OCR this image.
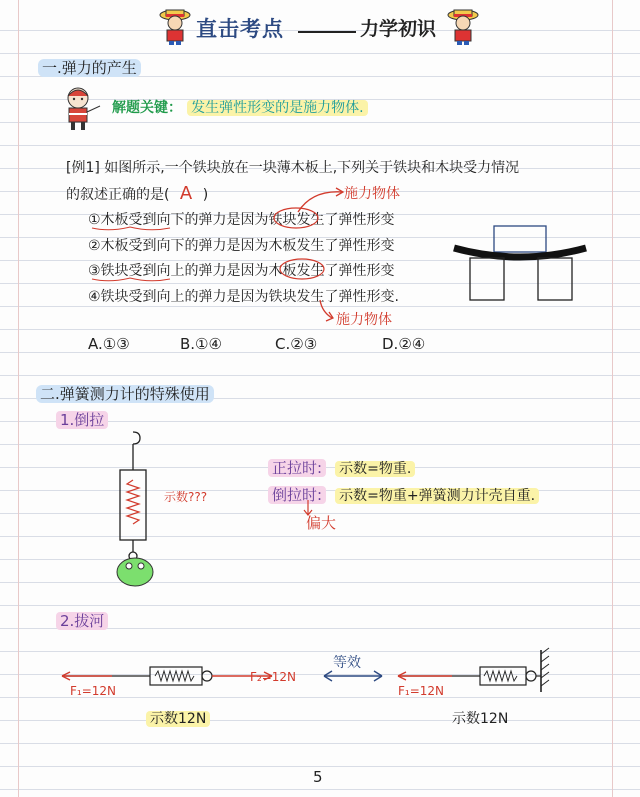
直击考点	力学初识
一.弹力的产生
解题关键： 发生弹性形变的是施力物体.
[例1] 如图所示,一个铁块放在一块薄木板上,下列关于铁块和木块受力情况
的叙述正确的是( A )	施力物体
①木板受到向下的弹力是因为铁块发生了弹性形变
②木板受到向下的弹力是因为木板发生了弹性形变
③铁块受到向上的弹力是因为木板发生了弹性形变
④铁块受到向上的弹力是因为铁块发生了弹性形变.
施力物体
A.①③	B.①④	C.②③	D.②④
二.弹簧测力计的特殊使用
1.倒拉
示数???
正拉时: 示数=物重.
倒拉时: 示数=物重+弹簧测力计壳自重.
偏大
2.拔河
F₁=12N
F₂=12N
等效
F₁=12N
示数12N	示数12N
5
